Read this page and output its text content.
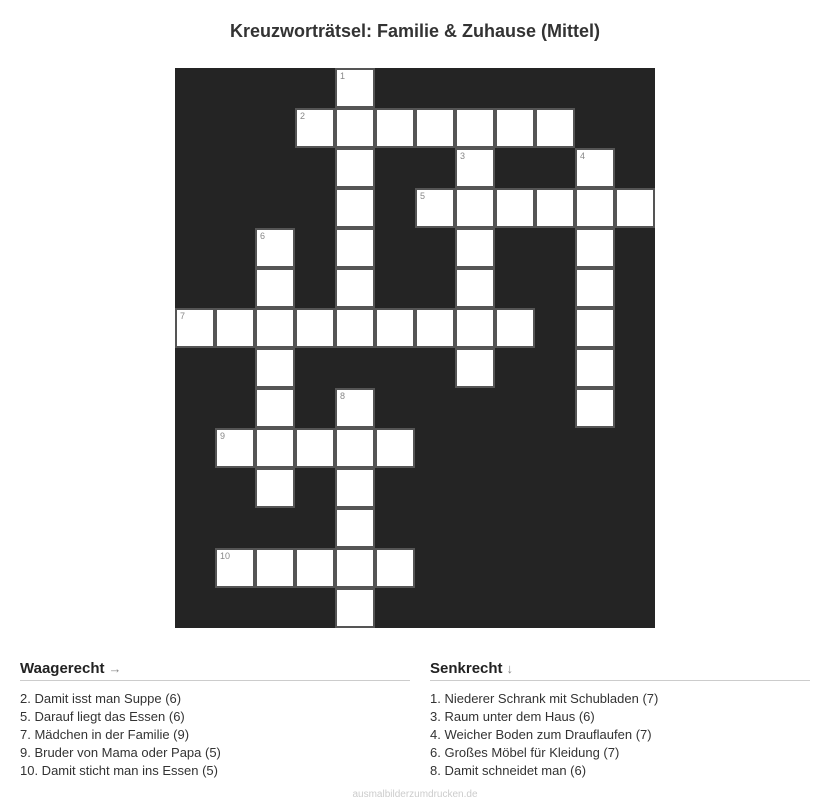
Kreuzworträtsel: Familie & Zuhause (Mittel)
1
2
3	4
5
6
7
8
9
10
Waagerecht →
2. Damit isst man Suppe (6)
5. Darauf liegt das Essen (6)
7. Mädchen in der Familie (9)
9. Bruder von Mama oder Papa (5)
10. Damit sticht man ins Essen (5)
Senkrecht ↓
1. Niederer Schrank mit Schubladen (7)
3. Raum unter dem Haus (6)
4. Weicher Boden zum Drauflaufen (7)
6. Großes Möbel für Kleidung (7)
8. Damit schneidet man (6)
ausmalbilderzumdrucken.de
